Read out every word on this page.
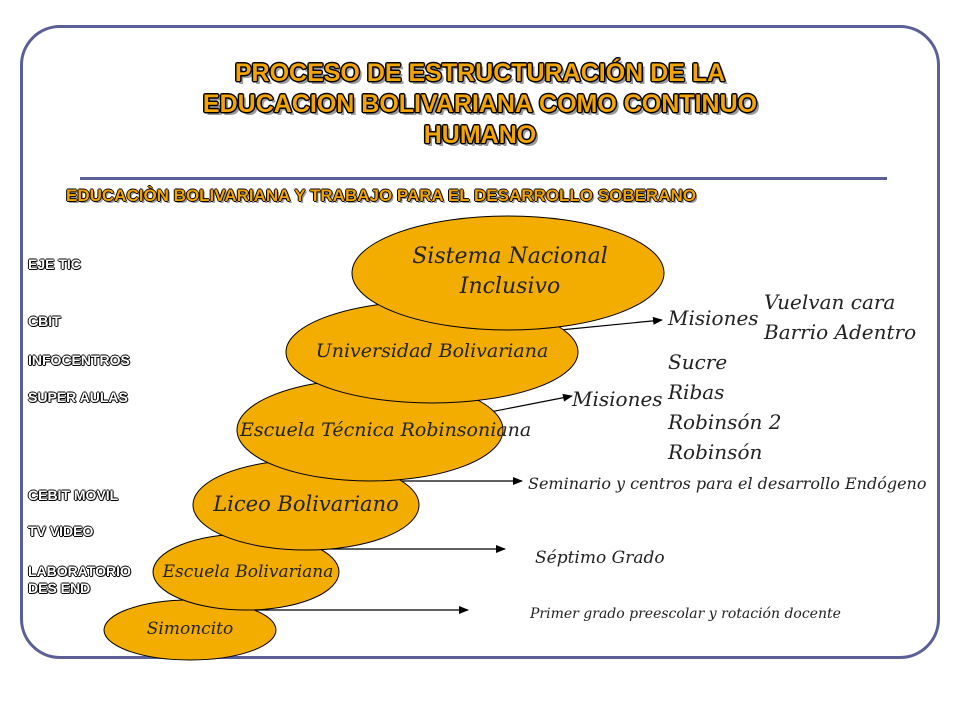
PROCESO DE ESTRUCTURACIÓN DE LA
EDUCACION BOLIVARIANA COMO CONTINUO
HUMANO
EDUCACIÒN BOLIVARIANA Y TRABAJO PARA EL DESARROLLO SOBERANO
EJE TIC
CBIT
INFOCENTROS
SUPER AULAS
CEBIT MOVIL
TV VIDEO
LABORATORIO
DES END
Simoncito
Escuela Bolivariana
Liceo Bolivariano
Escuela Técnica Robinsoniana
Universidad Bolivariana
Sistema Nacional Inclusivo
Misiones
Vuelvan cara
Barrio Adentro
Misiones
Sucre
Ribas
Robinsón 2
Robinsón
Seminario y centros para el desarrollo Endógeno
Séptimo Grado
Primer grado preescolar y rotación docente
